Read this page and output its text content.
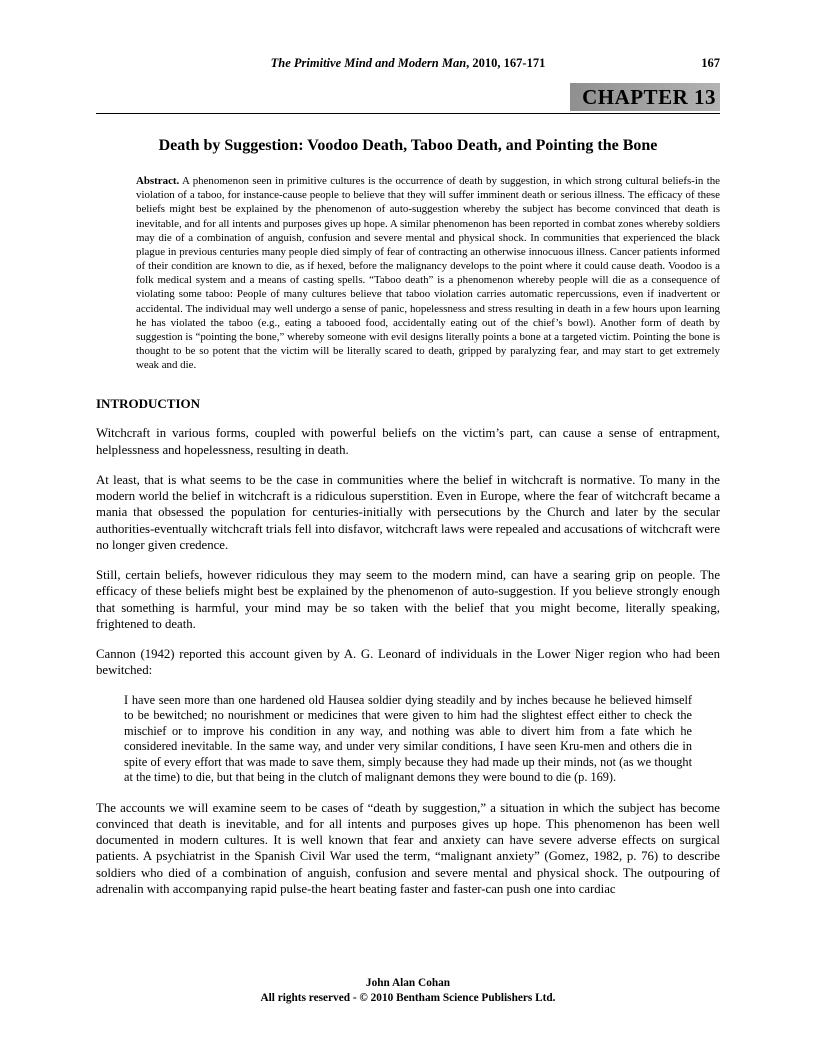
The Primitive Mind and Modern Man, 2010, 167-171	167
CHAPTER 13
Death by Suggestion: Voodoo Death, Taboo Death, and Pointing the Bone

Abstract. A phenomenon seen in primitive cultures is the occurrence of death by suggestion, in which strong cultural beliefs-in the violation of a taboo, for instance-cause people to believe that they will suffer imminent death or serious illness. The efficacy of these beliefs might best be explained by the phenomenon of auto-suggestion whereby the subject has become convinced that death is inevitable, and for all intents and purposes gives up hope. A similar phenomenon has been reported in combat zones whereby soldiers may die of a combination of anguish, confusion and severe mental and physical shock. In communities that experienced the black plague in previous centuries many people died simply of fear of contracting an otherwise innocuous illness. Cancer patients informed of their condition are known to die, as if hexed, before the malignancy develops to the point where it could cause death. Voodoo is a folk medical system and a means of casting spells. “Taboo death” is a phenomenon whereby people will die as a consequence of violating some taboo: People of many cultures believe that taboo violation carries automatic repercussions, even if inadvertent or accidental. The individual may well undergo a sense of panic, hopelessness and stress resulting in death in a few hours upon learning he has violated the taboo (e.g., eating a tabooed food, accidentally eating out of the chief’s bowl). Another form of death by suggestion is “pointing the bone,” whereby someone with evil designs literally points a bone at a targeted victim. Pointing the bone is thought to be so potent that the victim will be literally scared to death, gripped by paralyzing fear, and may start to get extremely weak and die.

INTRODUCTION

Witchcraft in various forms, coupled with powerful beliefs on the victim’s part, can cause a sense of entrapment, helplessness and hopelessness, resulting in death.

At least, that is what seems to be the case in communities where the belief in witchcraft is normative. To many in the modern world the belief in witchcraft is a ridiculous superstition. Even in Europe, where the fear of witchcraft became a mania that obsessed the population for centuries-initially with persecutions by the Church and later by the secular authorities-eventually witchcraft trials fell into disfavor, witchcraft laws were repealed and accusations of witchcraft were no longer given credence.

Still, certain beliefs, however ridiculous they may seem to the modern mind, can have a searing grip on people. The efficacy of these beliefs might best be explained by the phenomenon of auto-suggestion. If you believe strongly enough that something is harmful, your mind may be so taken with the belief that you might become, literally speaking, frightened to death.

Cannon (1942) reported this account given by A. G. Leonard of individuals in the Lower Niger region who had been bewitched:

I have seen more than one hardened old Hausea soldier dying steadily and by inches because he believed himself to be bewitched; no nourishment or medicines that were given to him had the slightest effect either to check the mischief or to improve his condition in any way, and nothing was able to divert him from a fate which he considered inevitable. In the same way, and under very similar conditions, I have seen Kru-men and others die in spite of every effort that was made to save them, simply because they had made up their minds, not (as we thought at the time) to die, but that being in the clutch of malignant demons they were bound to die (p. 169).

The accounts we will examine seem to be cases of “death by suggestion,” a situation in which the subject has become convinced that death is inevitable, and for all intents and purposes gives up hope. This phenomenon has been well documented in modern cultures. It is well known that fear and anxiety can have severe adverse effects on surgical patients. A psychiatrist in the Spanish Civil War used the term, “malignant anxiety” (Gomez, 1982, p. 76) to describe soldiers who died of a combination of anguish, confusion and severe mental and physical shock. The outpouring of adrenalin with accompanying rapid pulse-the heart beating faster and faster-can push one into cardiac

John Alan Cohan
All rights reserved - © 2010 Bentham Science Publishers Ltd.
